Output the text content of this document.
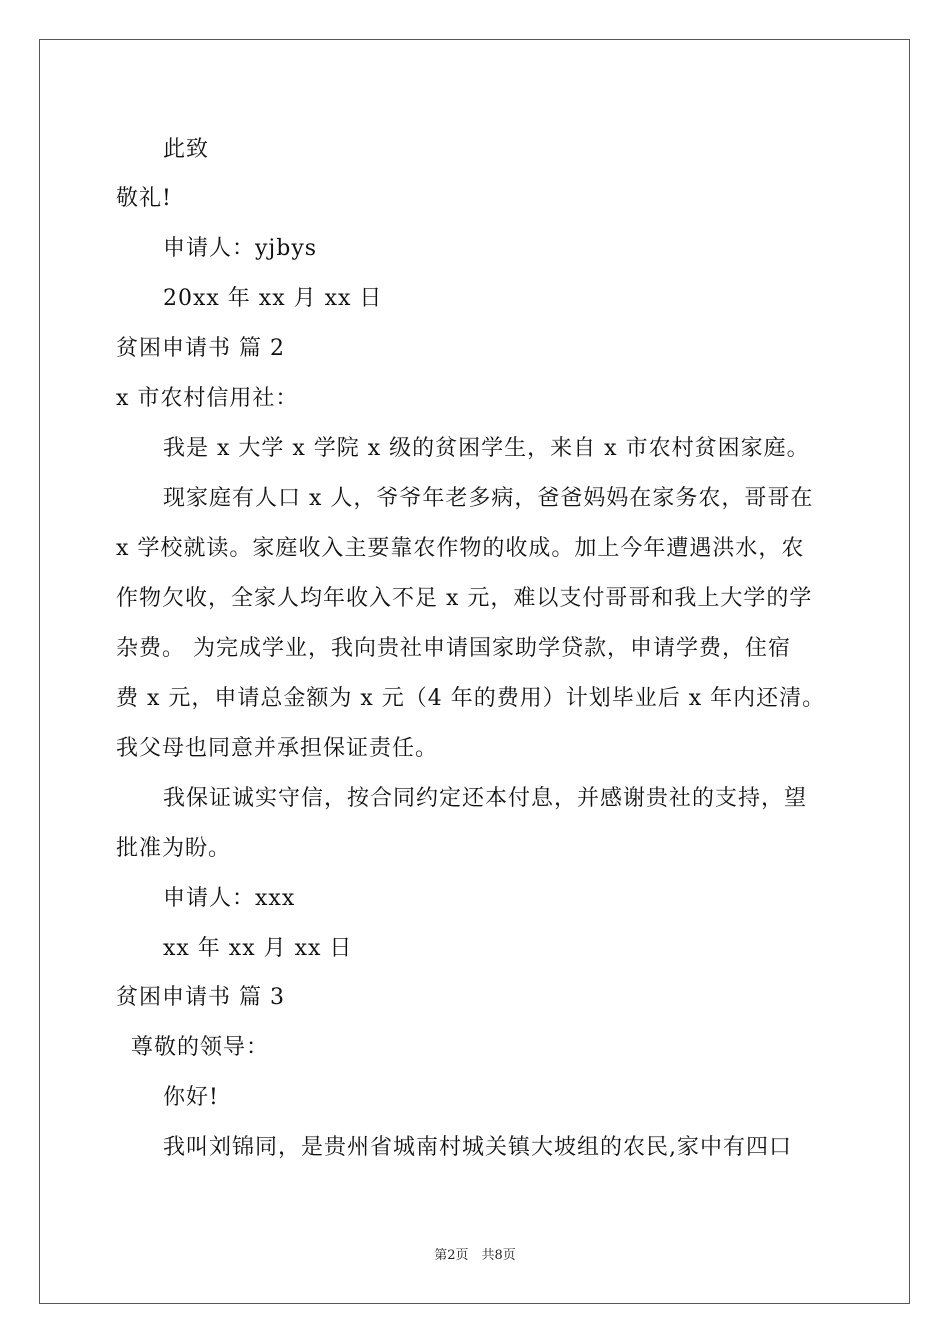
此致
敬礼!
申请人：yjbys
20xx 年 xx 月 xx 日
贫困申请书 篇 2
x 市农村信用社：
我是 x 大学 x 学院 x 级的贫困学生，来自 x 市农村贫困家庭。
现家庭有人口 x 人，爷爷年老多病，爸爸妈妈在家务农，哥哥在
x 学校就读。家庭收入主要靠农作物的收成。加上今年遭遇洪水，农
作物欠收，全家人均年收入不足 x 元，难以支付哥哥和我上大学的学
杂费。 为完成学业，我向贵社申请国家助学贷款，申请学费，住宿
费 x 元，申请总金额为 x 元（4 年的费用）计划毕业后 x 年内还清。
我父母也同意并承担保证责任。
我保证诚实守信，按合同约定还本付息，并感谢贵社的支持，望
批准为盼。
申请人：xxx
xx 年 xx 月 xx 日
贫困申请书 篇 3
尊敬的领导：
你好!
我叫刘锦同，是贵州省城南村城关镇大坡组的农民,家中有四口
第2页　共8页
